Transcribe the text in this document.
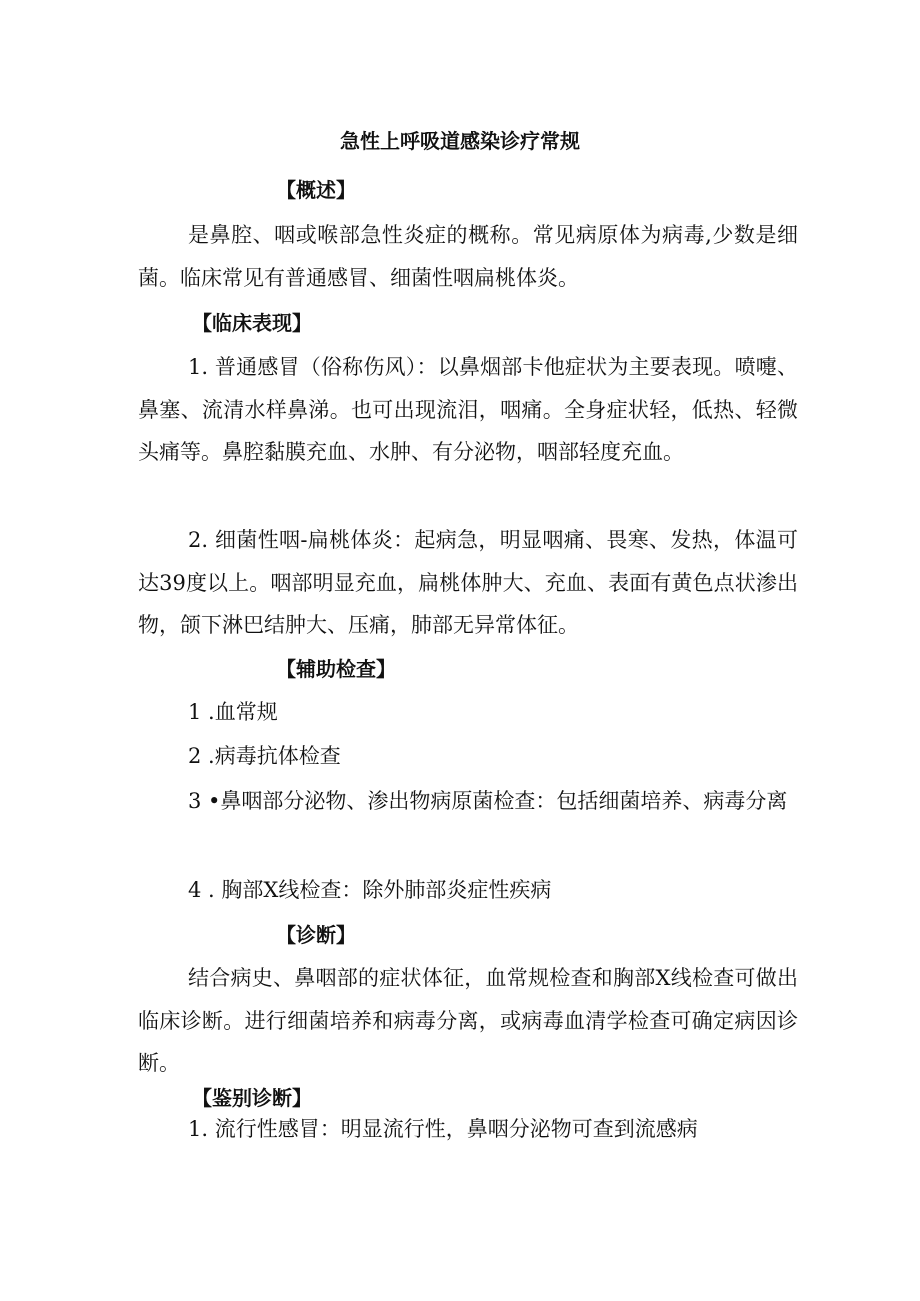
急性上呼吸道感染诊疗常规
【概述】

是鼻腔、咽或喉部急性炎症的概称。常见病原体为病毒,少数是细菌。临床常见有普通感冒、细菌性咽扁桃体炎。

【临床表现】

1. 普通感冒（俗称伤风）：以鼻烟部卡他症状为主要表现。喷嚏、鼻塞、流清水样鼻涕。也可出现流泪，咽痛。全身症状轻，低热、轻微头痛等。鼻腔黏膜充血、水肿、有分泌物，咽部轻度充血。

2. 细菌性咽-扁桃体炎：起病急，明显咽痛、畏寒、发热，体温可达39度以上。咽部明显充血，扁桃体肿大、充血、表面有黄色点状渗出物，颌下淋巴结肿大、压痛，肺部无异常体征。

【辅助检查】

1 .血常规

2 .病毒抗体检查

3 •鼻咽部分泌物、渗出物病原菌检查：包括细菌培养、病毒分离

4 . 胸部X线检查：除外肺部炎症性疾病

【诊断】

结合病史、鼻咽部的症状体征，血常规检查和胸部X线检查可做出临床诊断。进行细菌培养和病毒分离，或病毒血清学检查可确定病因诊断。

【鉴别诊断】

1. 流行性感冒：明显流行性，鼻咽分泌物可查到流感病
